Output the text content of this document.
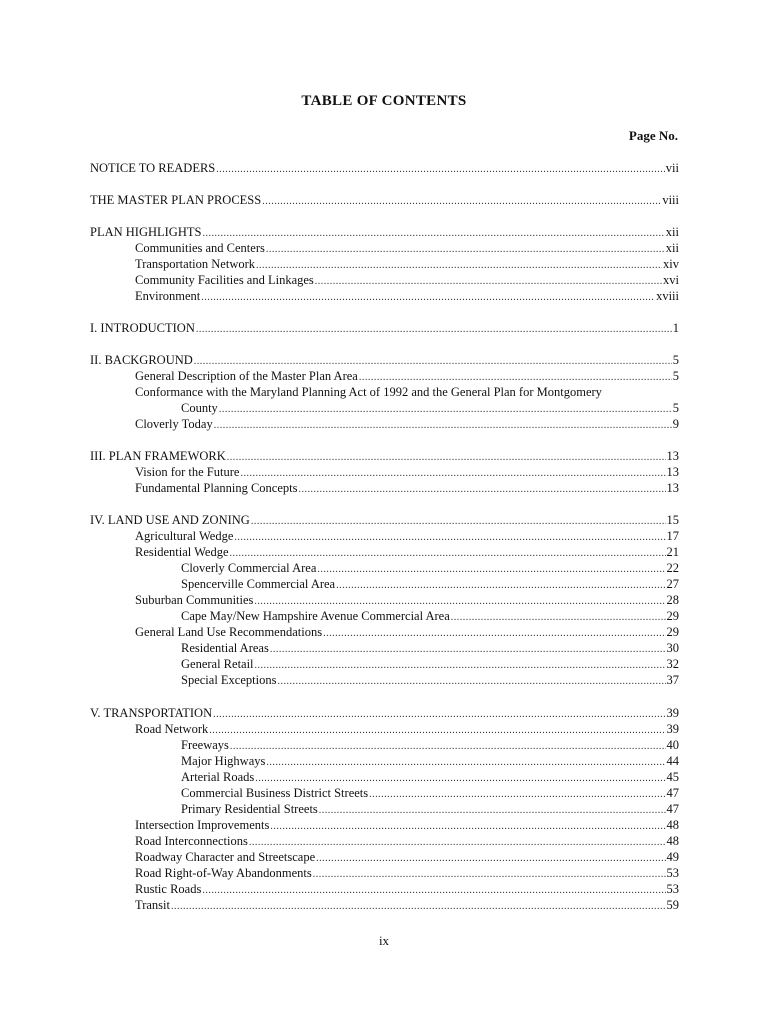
TABLE OF CONTENTS
Page No.
NOTICE TO READERS .....	vii
THE MASTER PLAN PROCESS .....	viii
PLAN HIGHLIGHTS .....	xii
Communities and Centers .....	xii
Transportation Network .....	xiv
Community Facilities and Linkages .....	xvi
Environment .....	xviii
I. INTRODUCTION .....	1
II. BACKGROUND .....	5
General Description of the Master Plan Area .....	5
Conformance with the Maryland Planning Act of 1992 and the General Plan for Montgomery
County .....	5
Cloverly Today .....	9
III. PLAN FRAMEWORK .....	13
Vision for the Future .....	13
Fundamental Planning Concepts .....	13
IV. LAND USE AND ZONING .....	15
Agricultural Wedge .....	17
Residential Wedge .....	21
Cloverly Commercial Area .....	22
Spencerville Commercial Area .....	27
Suburban Communities .....	28
Cape May/New Hampshire Avenue Commercial Area .....	29
General Land Use Recommendations .....	29
Residential Areas .....	30
General Retail .....	32
Special Exceptions .....	37
V. TRANSPORTATION .....	39
Road Network .....	39
Freeways .....	40
Major Highways .....	44
Arterial Roads .....	45
Commercial Business District Streets .....	47
Primary Residential Streets .....	47
Intersection Improvements .....	48
Road Interconnections .....	48
Roadway Character and Streetscape .....	49
Road Right-of-Way Abandonments .....	53
Rustic Roads .....	53
Transit .....	59
ix
